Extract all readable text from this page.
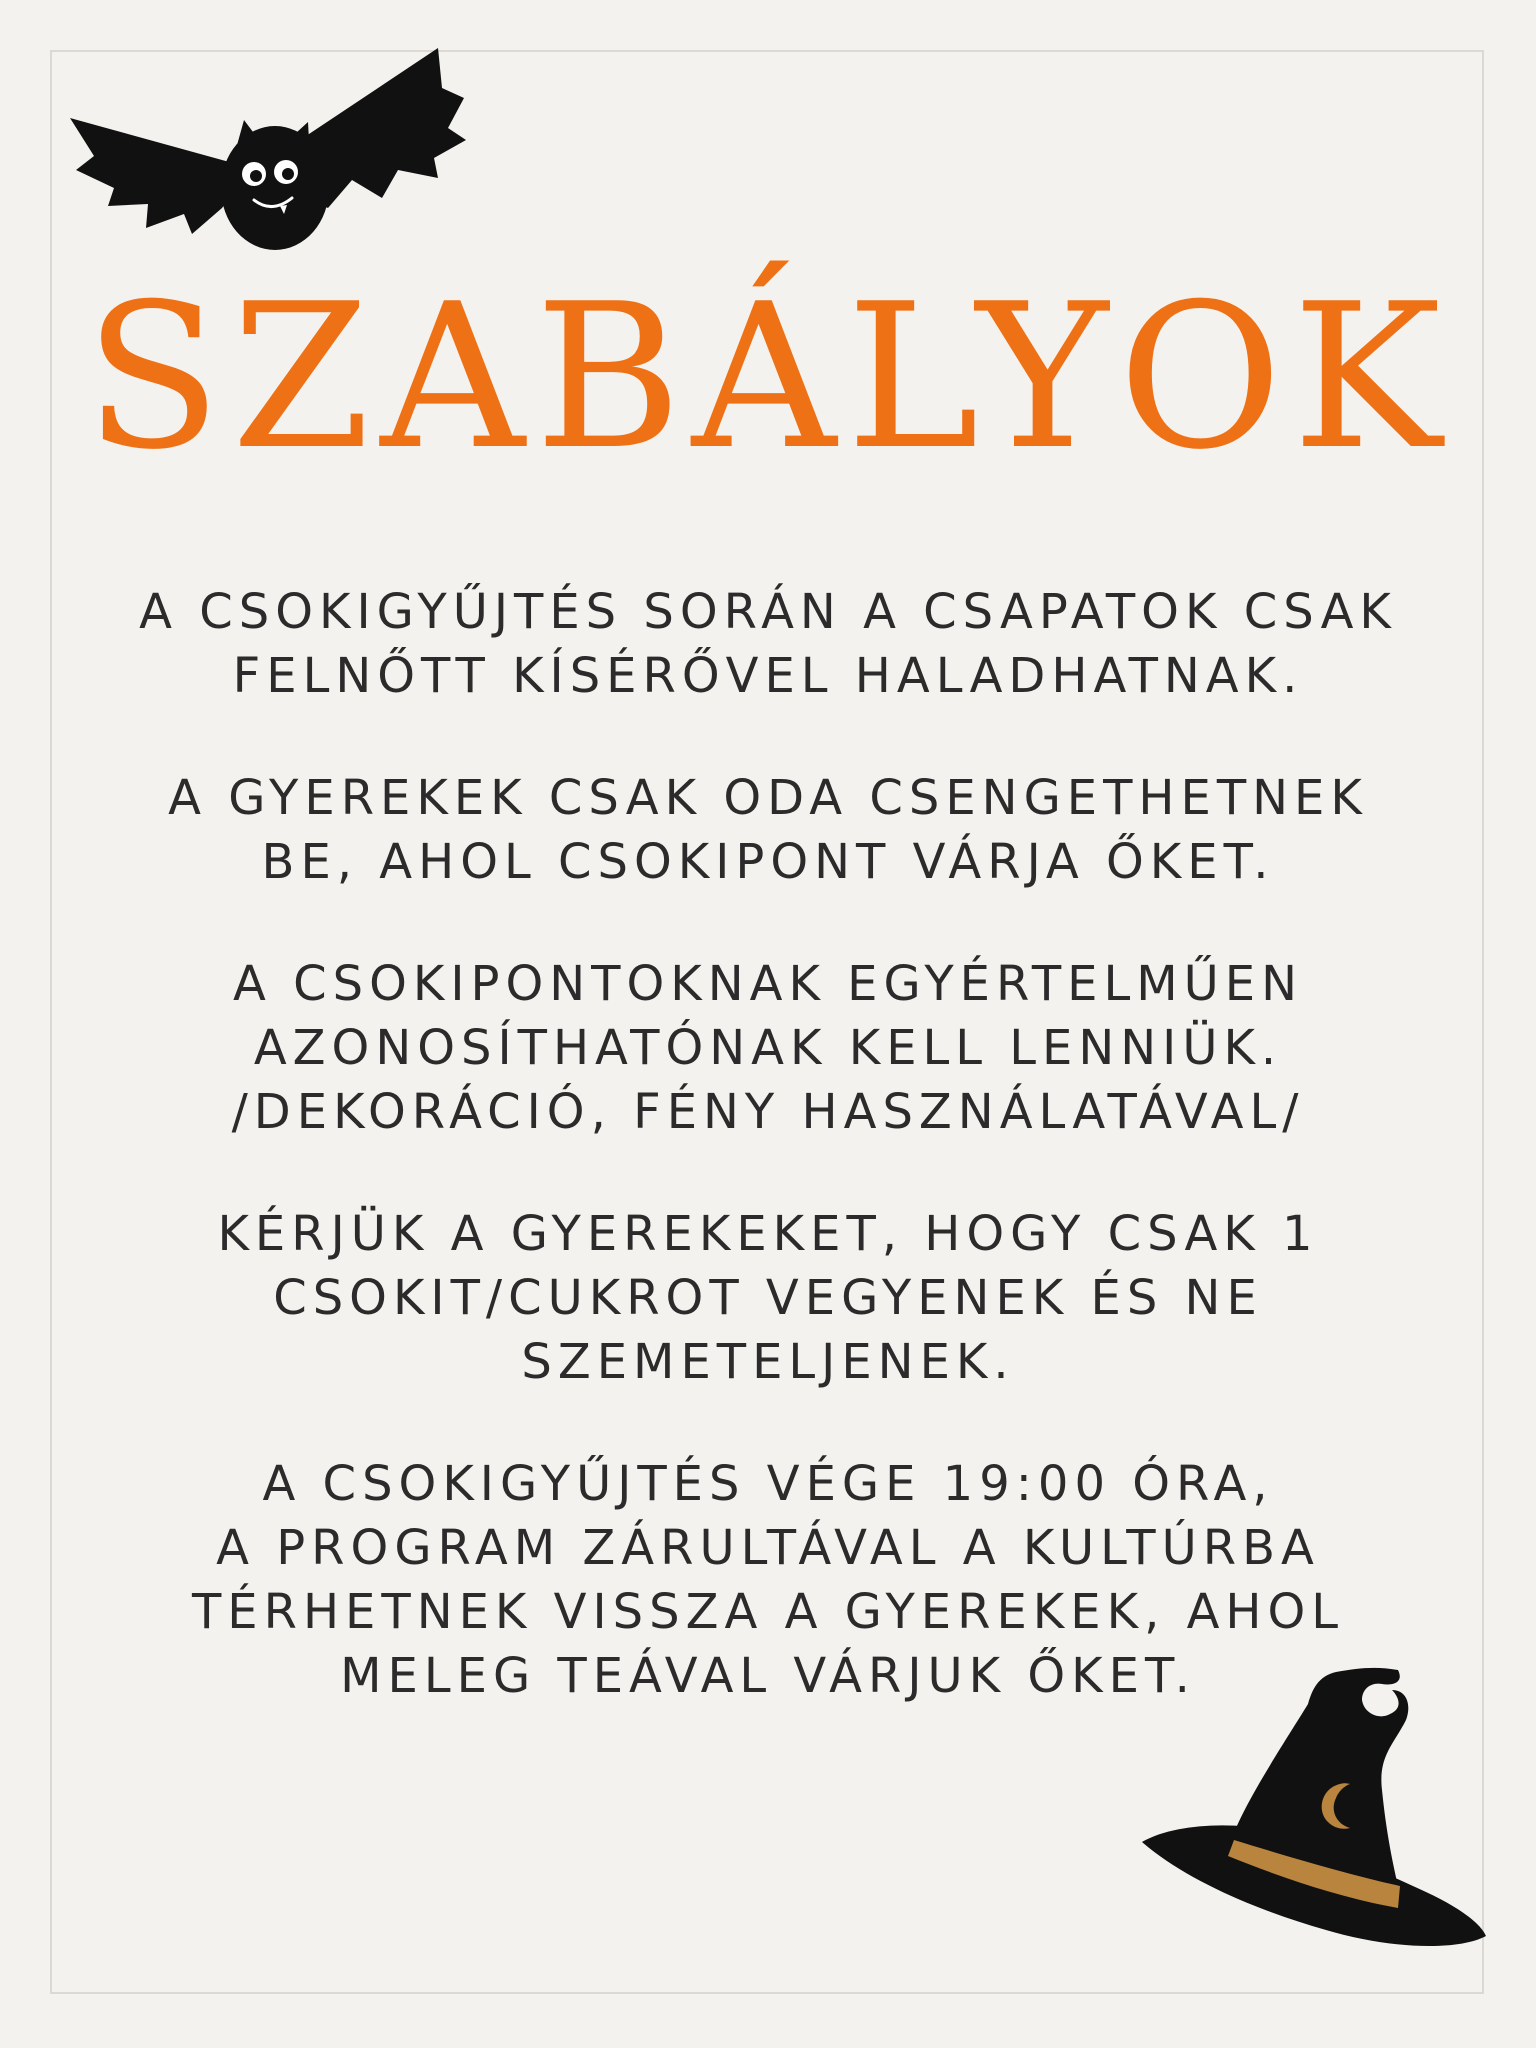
SZABÁLYOK
A CSOKIGYŰJTÉS SORÁN A CSAPATOK CSAK
FELNŐTT KÍSÉRŐVEL HALADHATNAK.
A GYEREKEK CSAK ODA CSENGETHETNEK
BE, AHOL CSOKIPONT VÁRJA ŐKET.
A CSOKIPONTOKNAK EGYÉRTELMŰEN
AZONOSÍTHATÓNAK KELL LENNIÜK.
/DEKORÁCIÓ, FÉNY HASZNÁLATÁVAL/
KÉRJÜK A GYEREKEKET, HOGY CSAK 1
CSOKIT/CUKROT VEGYENEK ÉS NE
SZEMETELJENEK.
A CSOKIGYŰJTÉS VÉGE 19:00 ÓRA,
A PROGRAM ZÁRULTÁVAL A KULTÚRBA
TÉRHETNEK VISSZA A GYEREKEK, AHOL
MELEG TEÁVAL VÁRJUK ŐKET.
